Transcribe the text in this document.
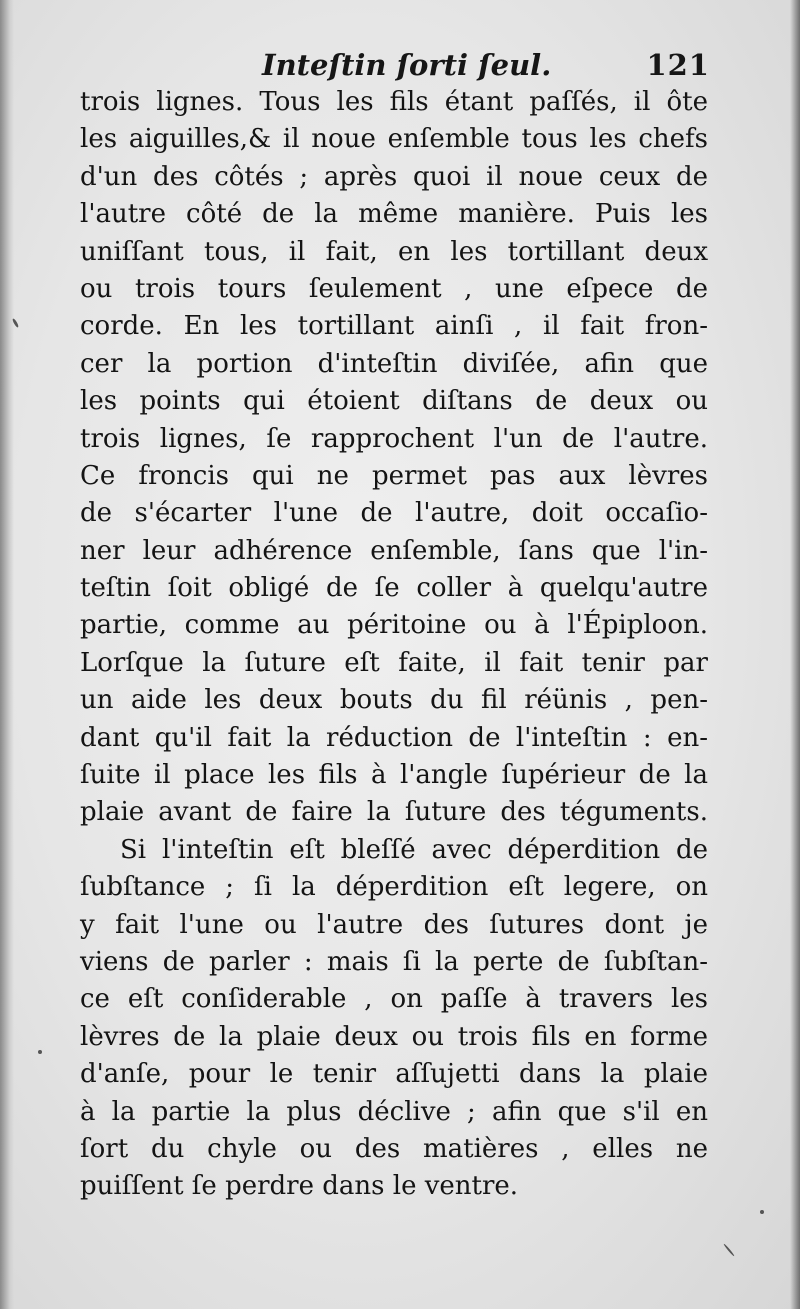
Inteſtin ſorti ſeul.	121
trois lignes. Tous les fils étant paſſés, il ôte
les aiguilles,& il noue enſemble tous les chefs
d'un des côtés ; après quoi il noue ceux de
l'autre côté de la même manière. Puis les
uniſſant tous, il fait, en les tortillant deux
ou trois tours ſeulement , une eſpece de
corde. En les tortillant ainſi , il fait fron-
cer la portion d'inteſtin diviſée, afin que
les points qui étoient diſtans de deux ou
trois lignes, ſe rapprochent l'un de l'autre.
Ce froncis qui ne permet pas aux lèvres
de s'écarter l'une de l'autre, doit occaſio-
ner leur adhérence enſemble, ſans que l'in-
teſtin ſoit obligé de ſe coller à quelqu'autre
partie, comme au péritoine ou à l'Épiploon.
Lorſque la ſuture eſt faite, il fait tenir par
un aide les deux bouts du fil réünis , pen-
dant qu'il fait la réduction de l'inteſtin : en-
ſuite il place les fils à l'angle ſupérieur de la
plaie avant de faire la ſuture des téguments.
Si l'inteſtin eſt bleſſé avec déperdition de
ſubſtance ; ſi la déperdition eſt legere, on
y fait l'une ou l'autre des ſutures dont je
viens de parler : mais ſi la perte de ſubſtan-
ce eſt conſiderable , on paſſe à travers les
lèvres de la plaie deux ou trois fils en forme
d'anſe, pour le tenir aſſujetti dans la plaie
à la partie la plus déclive ; afin que s'il en
ſort du chyle ou des matières , elles ne
puiſſent ſe perdre dans le ventre.
